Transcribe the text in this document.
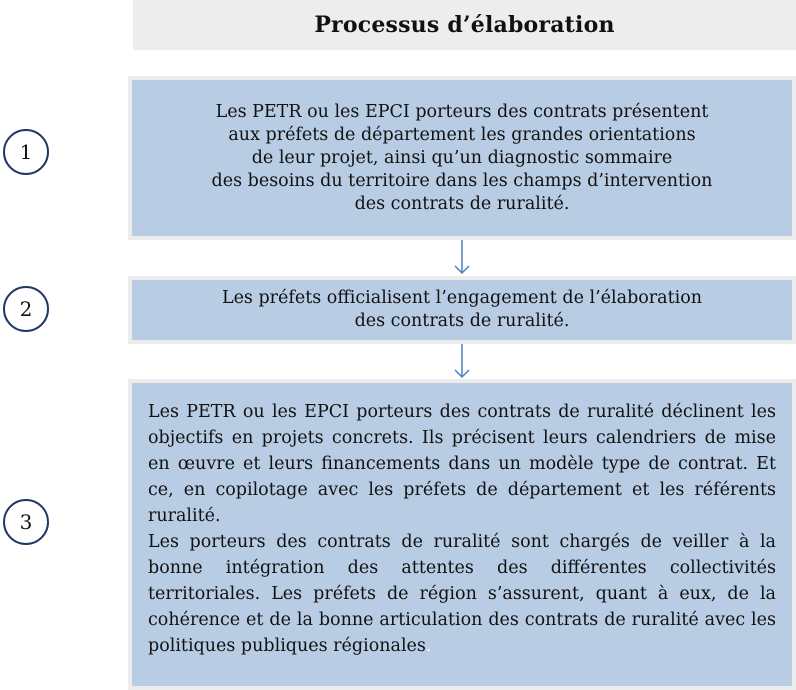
Processus d’élaboration
1
Les PETR ou les EPCI porteurs des contrats présentent
aux préfets de département les grandes orientations
de leur projet, ainsi qu’un diagnostic sommaire
des besoins du territoire dans les champs d’intervention
des contrats de ruralité.
2	Les préfets officialisent l’engagement de l’élaboration
des contrats de ruralité.
3

Les PETR ou les EPCI porteurs des contrats de ruralité déclinent les objectifs en projets concrets. Ils précisent leurs calendriers de mise en œuvre et leurs financements dans un modèle type de contrat. Et ce, en copilotage avec les préfets de département et les référents ruralité.

Les porteurs des contrats de ruralité sont chargés de veiller à la bonne intégration des attentes des différentes collectivités territoriales. Les préfets de région s’assurent, quant à eux, de la cohérence et de la bonne articulation des contrats de ruralité avec les politiques publiques régionales.
